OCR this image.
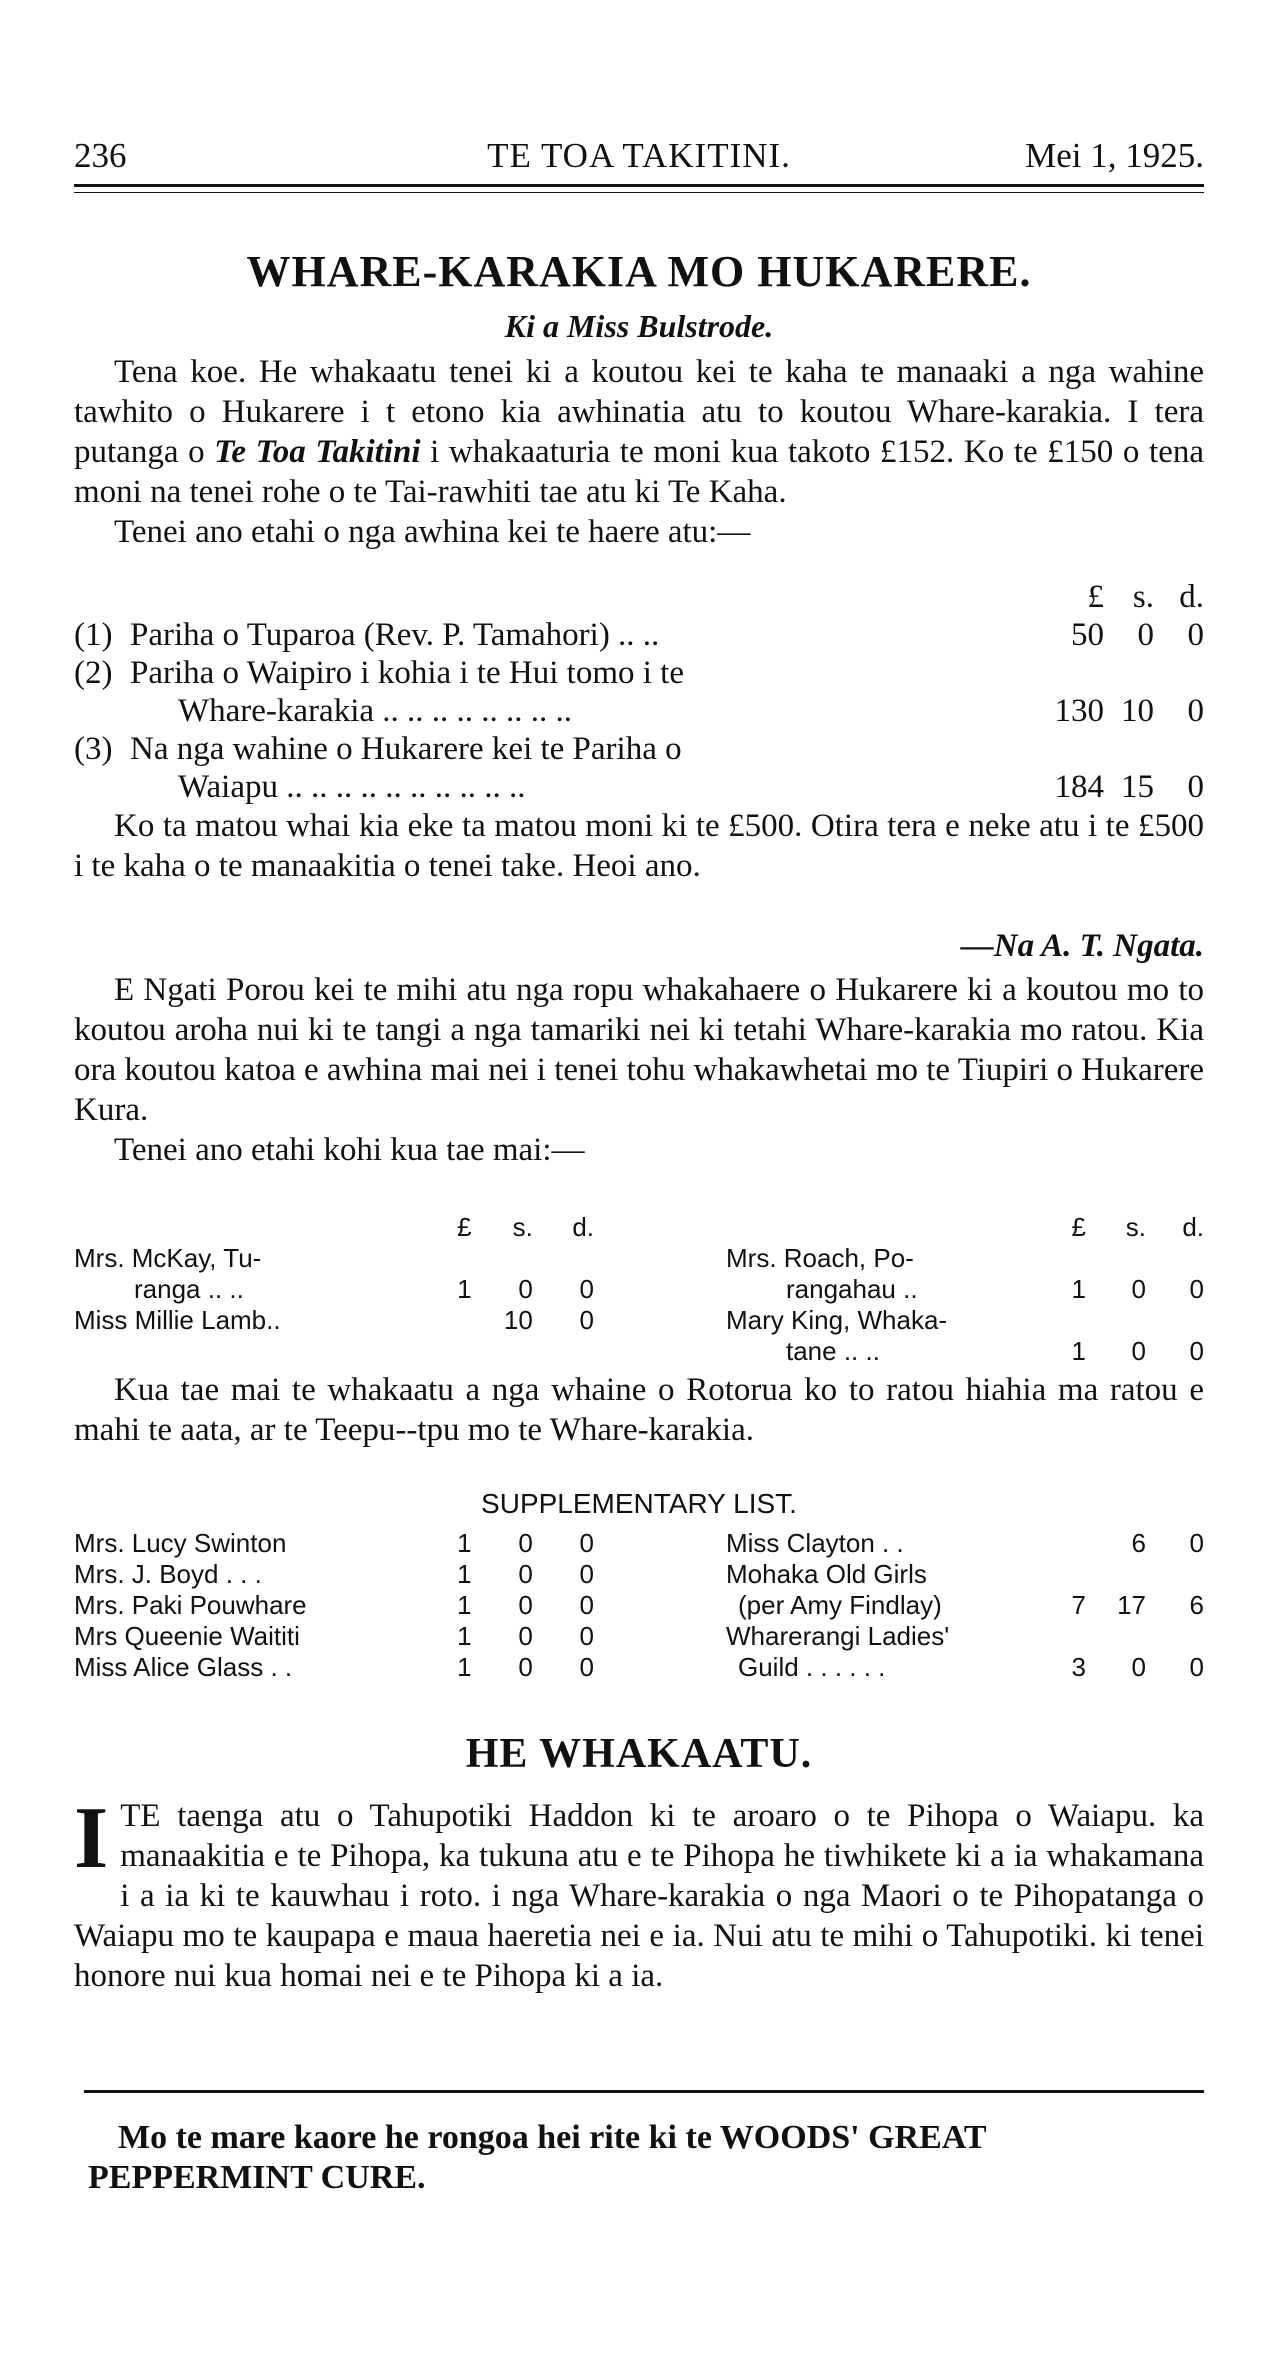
236	TE TOA TAKITINI.	Mei 1, 1925.
WHARE-KARAKIA MO HUKARERE.
Ki a Miss Bulstrode.

Tena koe. He whakaatu tenei ki a koutou kei te kaha te manaaki a nga wahine tawhito o Hukarere i t etono kia awhinatia atu to koutou Whare-karakia. I tera putanga o Te Toa Takitini i whakaaturia te moni kua takoto £152. Ko te £150 o tena moni na tenei rohe o te Tai-rawhiti tae atu ki Te Kaha.

Tenei ano etahi o nga awhina kei te haere atu:—

		£	s.	d.
(1)	Pariha o Tuparoa (Rev. P. Tamahori) .. ..	50	0	0
(2)	Pariha o Waipiro i kohia i te Hui tomo i te
Whare-karakia .. .. .. .. .. .. .. ..	130	10	0
(3)	Na nga wahine o Hukarere kei te Pariha o
Waiapu .. .. .. .. .. .. .. .. .. ..	184	15	0

Ko ta matou whai kia eke ta matou moni ki te £500. Otira tera e neke atu i te £500 i te kaha o te manaakitia o tenei take. Heoi ano.

—Na A. T. Ngata.

E Ngati Porou kei te mihi atu nga ropu whakahaere o Hukarere ki a koutou mo to koutou aroha nui ki te tangi a nga tamariki nei ki tetahi Whare-karakia mo ratou. Kia ora koutou katoa e awhina mai nei i tenei tohu whakawhetai mo te Tiupiri o Hukarere Kura.

Tenei ano etahi kohi kua tae mai:—

	£	s.	d.

Mrs. McKay, Tu-
ranga .. ..	1	0	0
Miss Millie Lamb..		10	0
	£	s.	d.

Mrs. Roach, Po-
rangahau ..	1	0	0

Mary King, Whaka-
tane .. ..	1	0	0

Kua tae mai te whakaatu a nga whaine o Rotorua ko to ratou hiahia ma ratou e mahi te aata, ar te Teepu--tpu mo te Whare-karakia.

SUPPLEMENTARY LIST.
Mrs. Lucy Swinton	1	0	0
Mrs. J. Boyd . . .	1	0	0
Mrs. Paki Pouwhare	1	0	0
Mrs Queenie Waititi	1	0	0
Miss Alice Glass . .	1	0	0
Miss Clayton . .		6	0
Mohaka Old Girls			
(per Amy Findlay)	7	17	6
Wharerangi Ladies'			
Guild . . . . . .	3	0	0
HE WHAKAATU.
I TE taenga atu o Tahupotiki Haddon ki te aroaro o te Pihopa o Waiapu. ka manaakitia e te Pihopa, ka tukuna atu e te Pihopa he tiwhikete ki a ia whakamana i a ia ki te kauwhau i roto. i nga Whare-karakia o nga Maori o te Pihopatanga o Waiapu mo te kaupapa e maua haeretia nei e ia. Nui atu te mihi o Tahupotiki. ki tenei honore nui kua homai nei e te Pihopa ki a ia.
Mo te mare kaore he rongoa hei rite ki te WOODS' GREAT PEPPERMINT CURE.
